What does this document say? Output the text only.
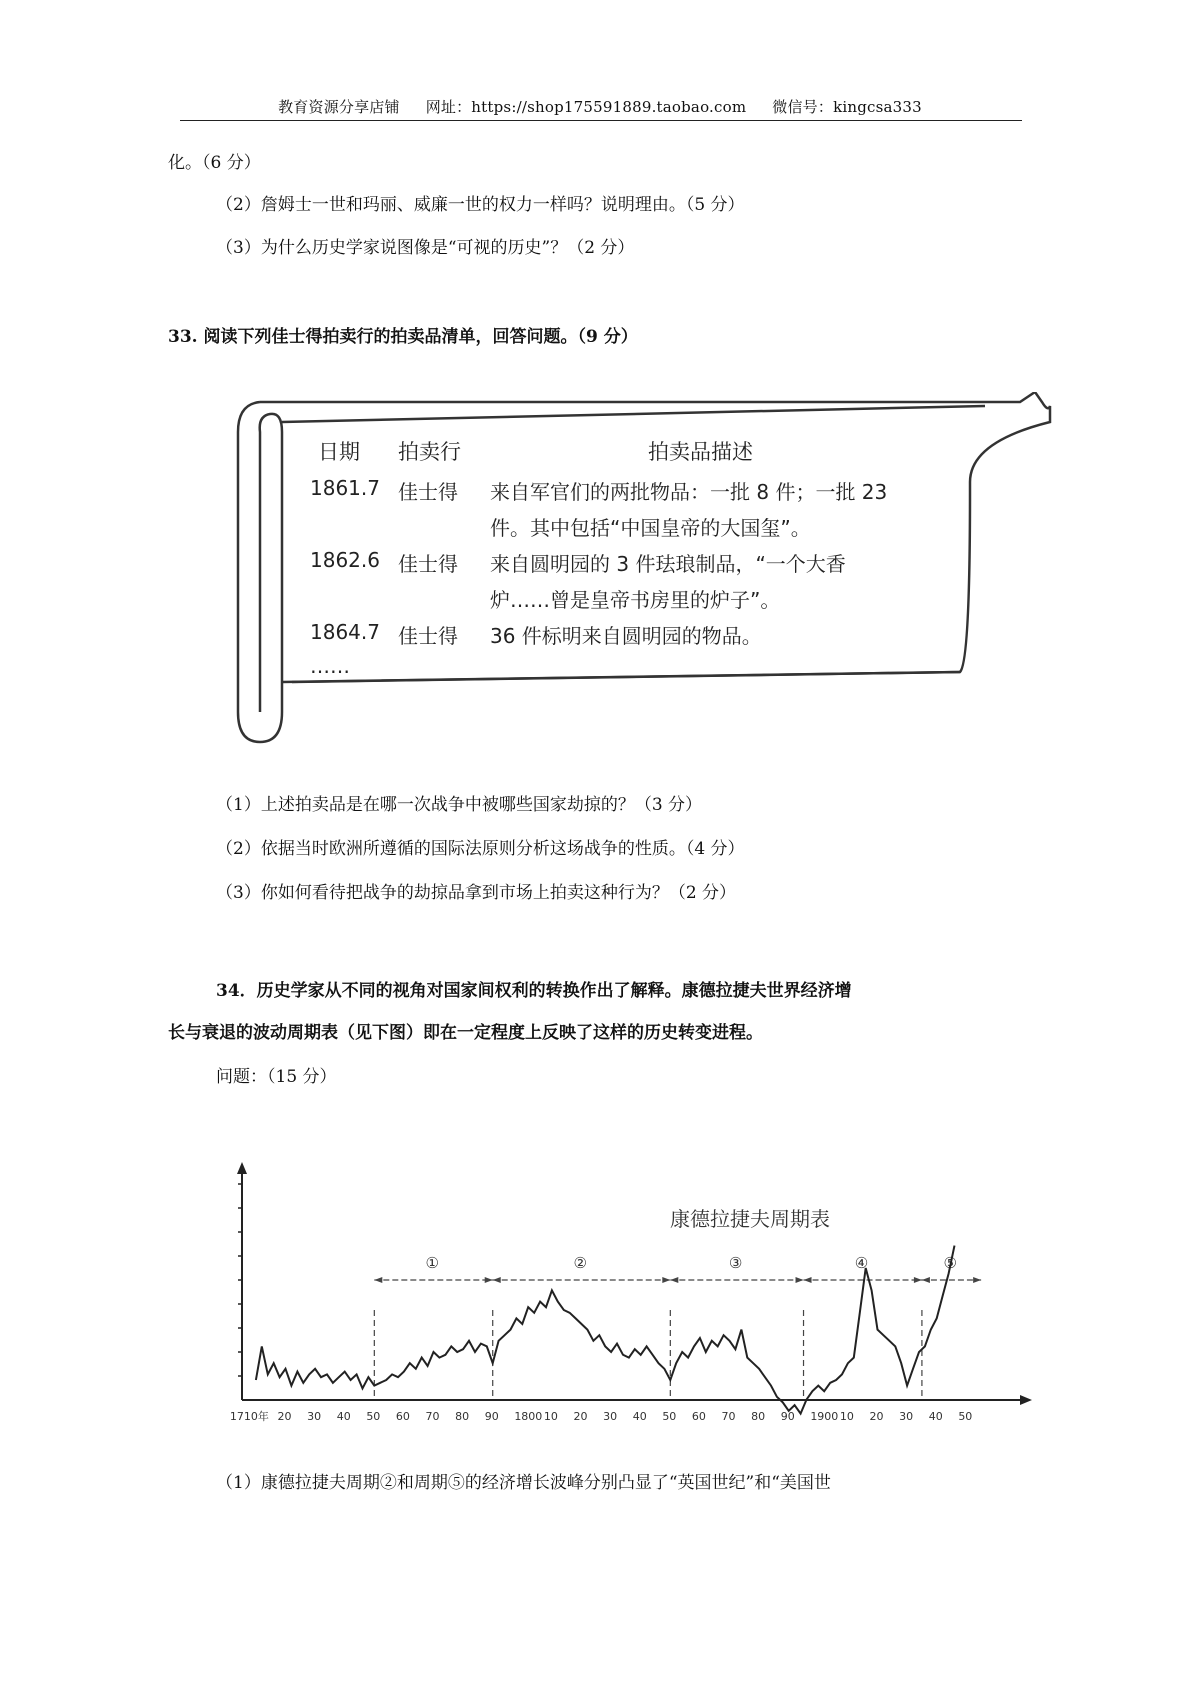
教育资源分享店铺 网址：https://shop175591889.taobao.com 微信号：kingcsa333
化。（6 分）
（2）詹姆士一世和玛丽、威廉一世的权力一样吗？说明理由。（5 分）
（3）为什么历史学家说图像是“可视的历史”？（2 分）
33. 阅读下列佳士得拍卖行的拍卖品清单，回答问题。（9 分）
日期 拍卖行	拍卖品描述
1861.7 佳士得 来自军官们的两批物品：一批 8 件；一批 23
件。其中包括“中国皇帝的大国玺”。
1862.6 佳士得 来自圆明园的 3 件珐琅制品，“一个大香
炉……曾是皇帝书房里的炉子”。
1864.7 佳士得 36 件标明来自圆明园的物品。
……
（1）上述拍卖品是在哪一次战争中被哪些国家劫掠的？（3 分）
（2）依据当时欧洲所遵循的国际法原则分析这场战争的性质。（4 分）
（3）你如何看待把战争的劫掠品拿到市场上拍卖这种行为？（2 分）
34．历史学家从不同的视角对国家间权利的转换作出了解释。康德拉捷夫世界经济增
长与衰退的波动周期表（见下图）即在一定程度上反映了这样的历史转变进程。
问题：（15 分）
康德拉捷夫周期表
①	②	③	④	⑤
1710年 20 30 40 50 60 70 80 90 1800 10 20 30 40 50 60 70 80 90 1900 10 20 30 40 50
（1）康德拉捷夫周期②和周期⑤的经济增长波峰分别凸显了“英国世纪”和“美国世
